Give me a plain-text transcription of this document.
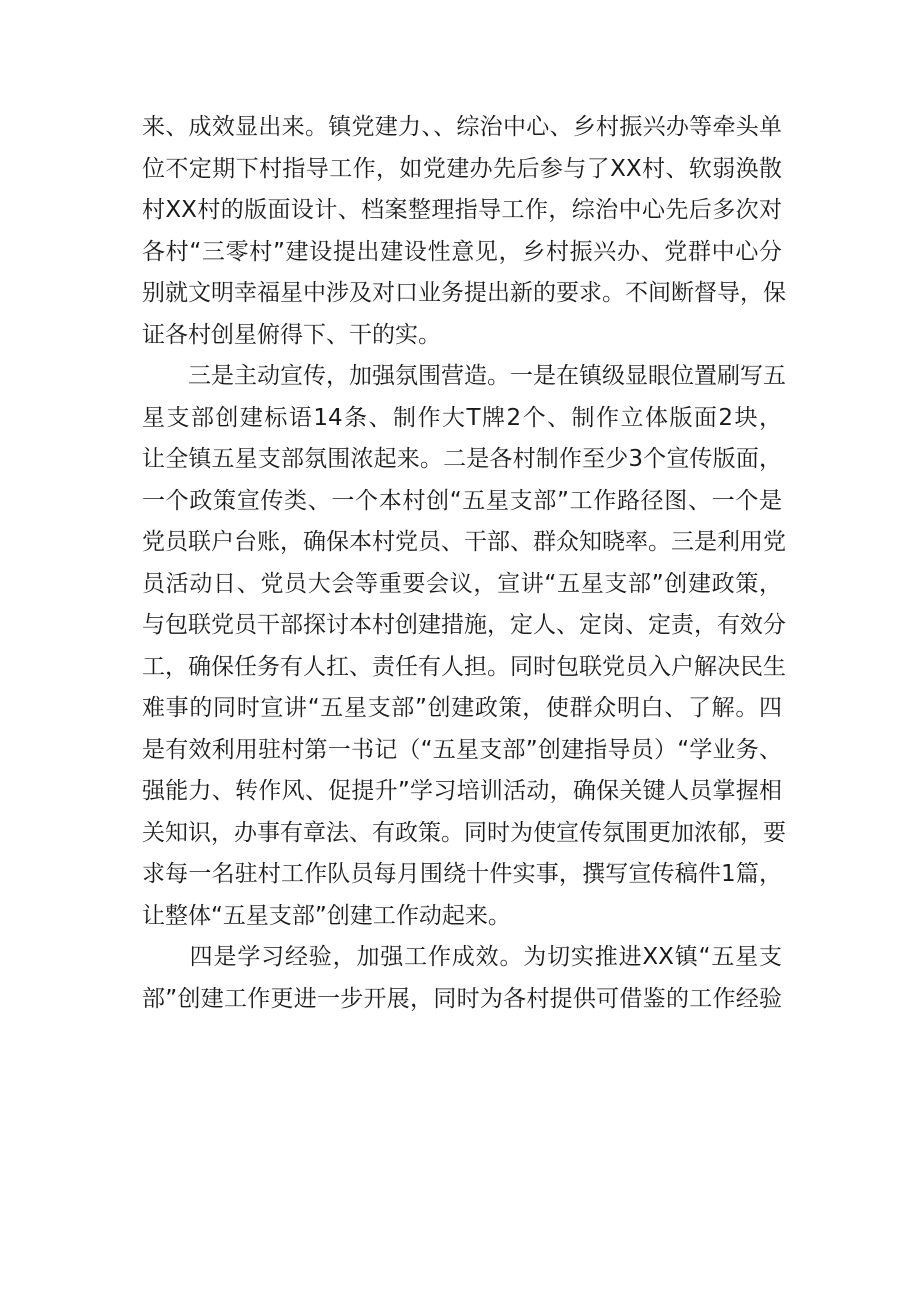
来、成效显出来。镇党建力、、综治中心、乡村振兴办等牵头单
位不定期下村指导工作，如党建办先后参与了XX村、软弱涣散
村XX村的版面设计、档案整理指导工作，综治中心先后多次对
各村“三零村”建设提出建设性意见，乡村振兴办、党群中心分
别就文明幸福星中涉及对口业务提出新的要求。不间断督导，保
证各村创星俯得下、干的实。
　　三是主动宣传，加强氛围营造。一是在镇级显眼位置刷写五
星支部创建标语14条、制作大T牌2个、制作立体版面2块，
让全镇五星支部氛围浓起来。二是各村制作至少3个宣传版面，
一个政策宣传类、一个本村创“五星支部”工作路径图、一个是
党员联户台账，确保本村党员、干部、群众知晓率。三是利用党
员活动日、党员大会等重要会议，宣讲“五星支部”创建政策，
与包联党员干部探讨本村创建措施，定人、定岗、定责，有效分
工，确保任务有人扛、责任有人担。同时包联党员入户解决民生
难事的同时宣讲“五星支部”创建政策，使群众明白、了解。四
是有效利用驻村第一书记（“五星支部”创建指导员）“学业务、
强能力、转作风、促提升”学习培训活动，确保关键人员掌握相
关知识，办事有章法、有政策。同时为使宣传氛围更加浓郁，要
求每一名驻村工作队员每月围绕十件实事，撰写宣传稿件1篇，
让整体“五星支部”创建工作动起来。
　　四是学习经验，加强工作成效。为切实推进XX镇“五星支
部”创建工作更进一步开展，同时为各村提供可借鉴的工作经验
